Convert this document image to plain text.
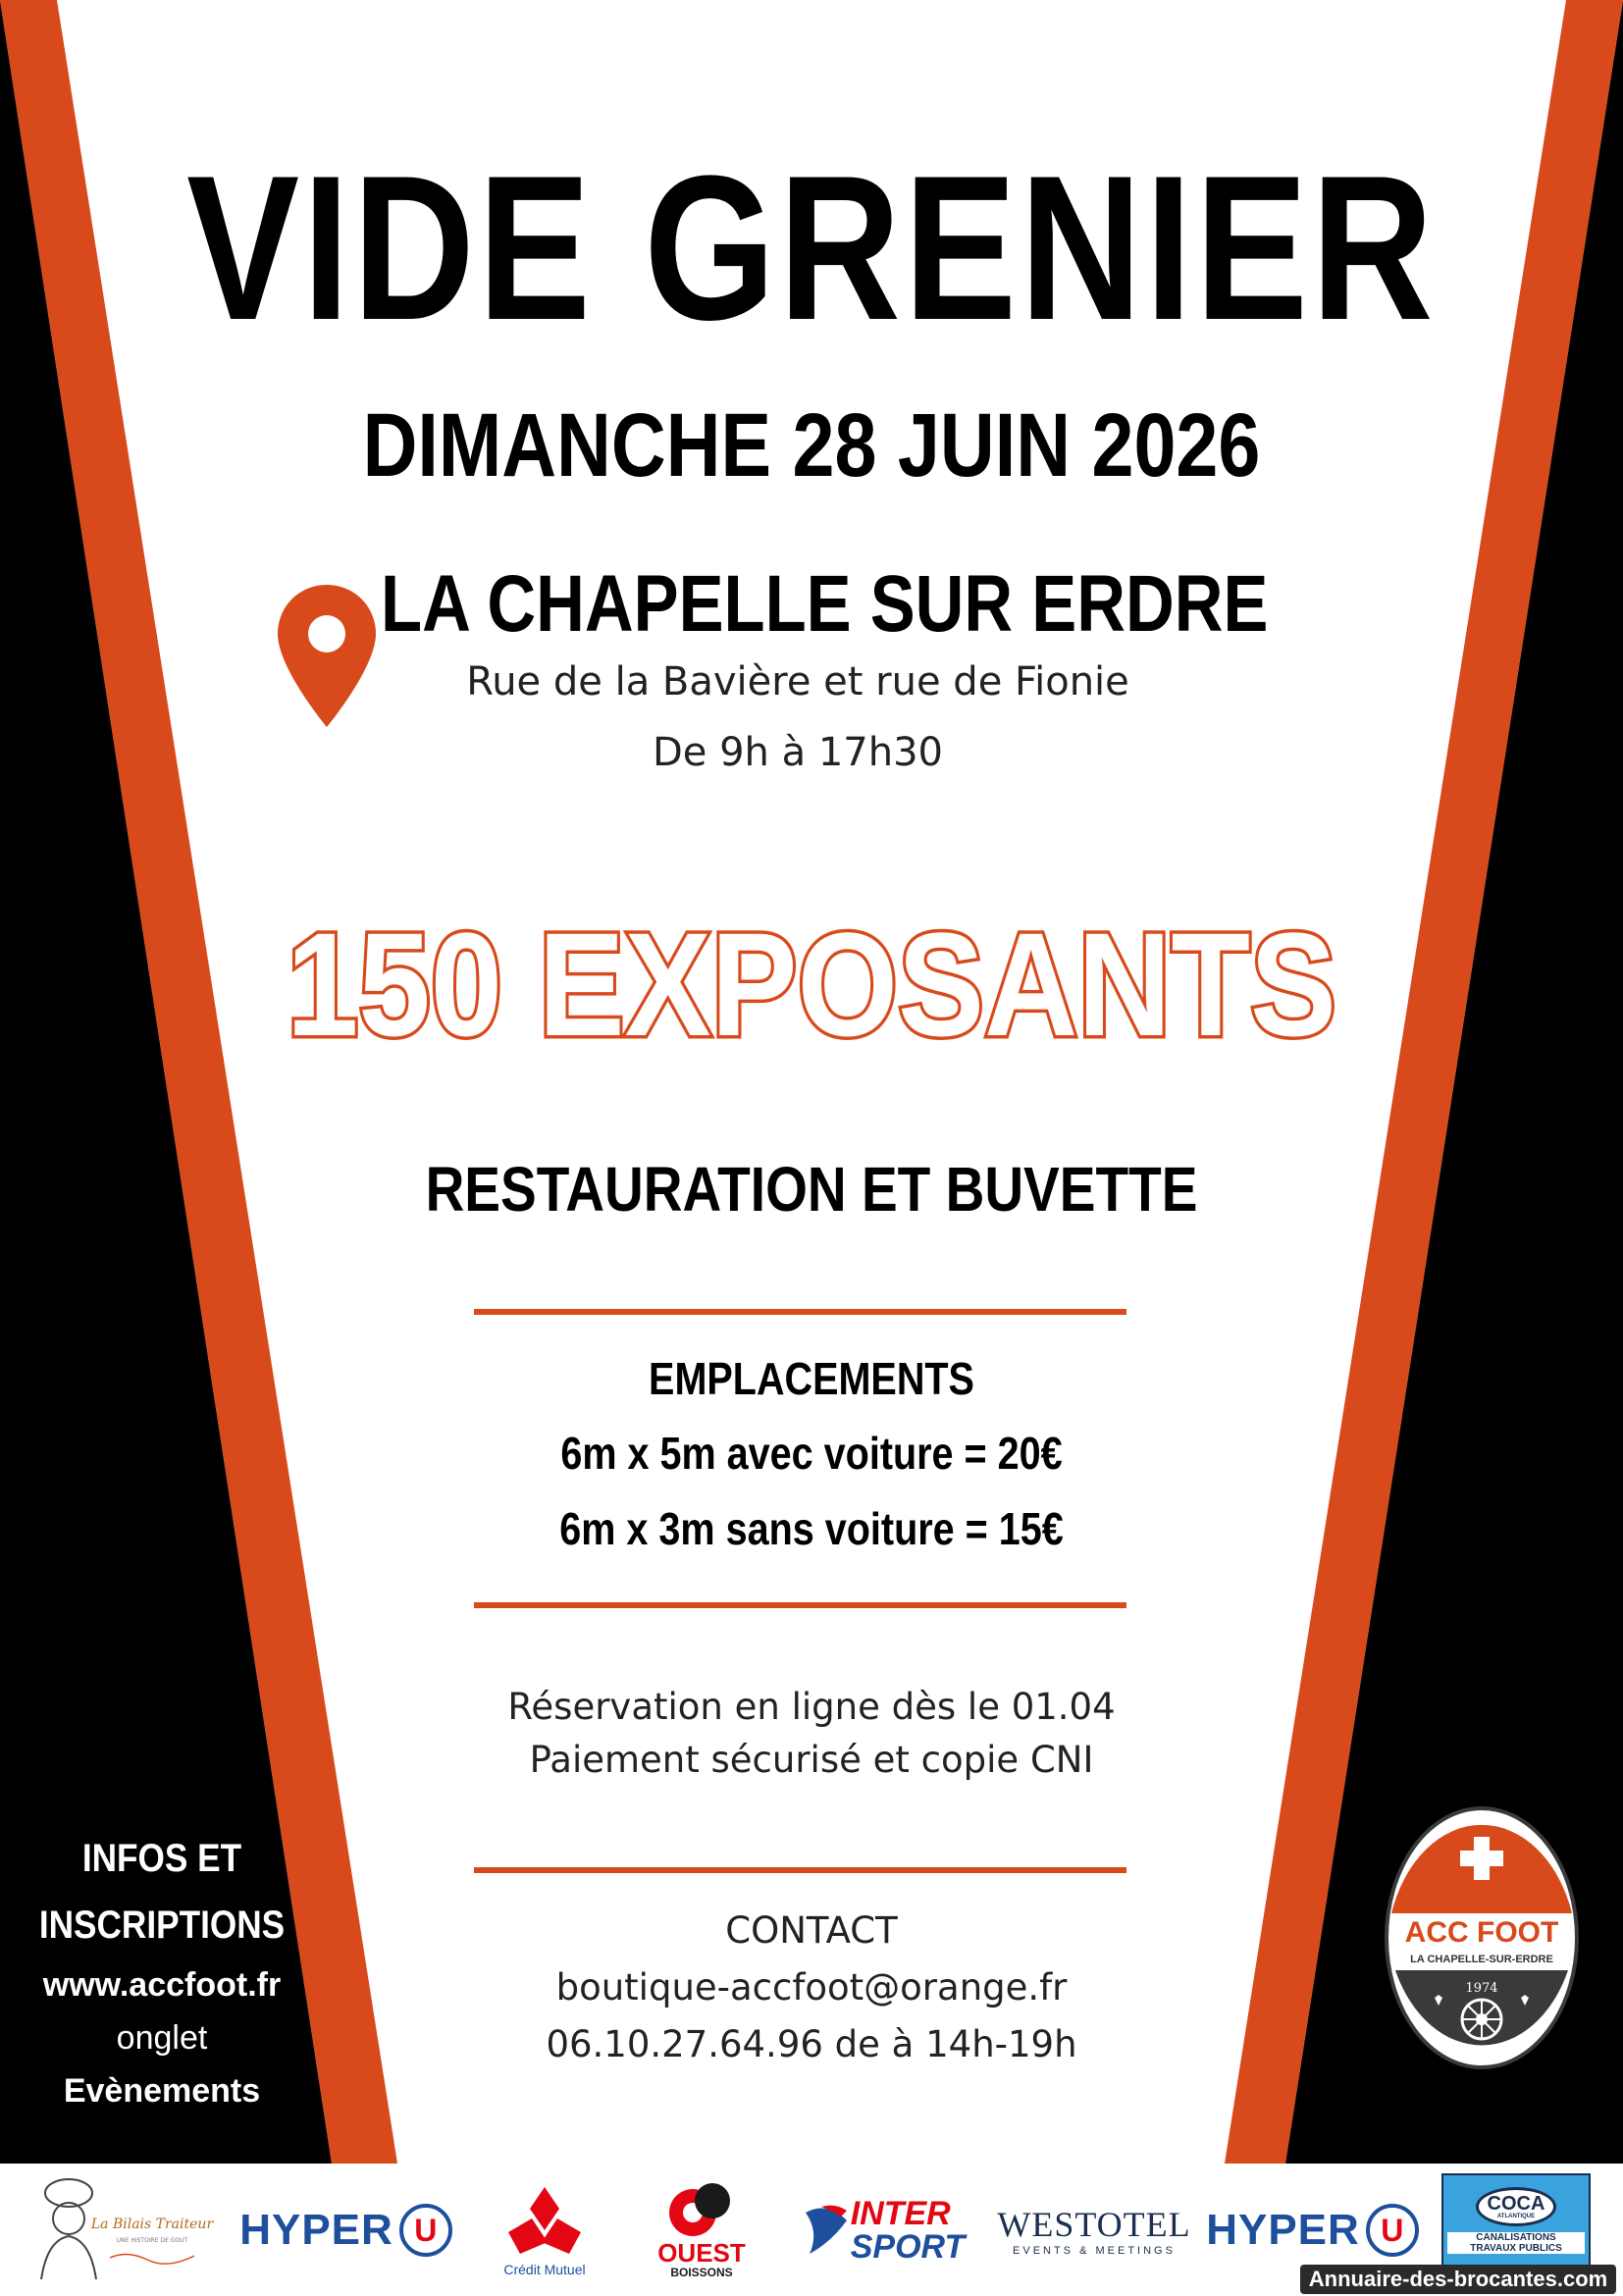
VIDE GRENIER
DIMANCHE 28 JUIN 2026
LA CHAPELLE SUR ERDRE
Rue de la Bavière et rue de Fionie
De 9h à 17h30
150 EXPOSANTS
RESTAURATION ET BUVETTE
EMPLACEMENTS
6m x 5m avec voiture = 20€
6m x 3m sans voiture = 15€
Réservation en ligne dès le 01.04
Paiement sécurisé et copie CNI
CONTACT
boutique-accfoot@orange.fr
06.10.27.64.96 de à 14h-19h
INFOS ET
INSCRIPTIONS
www.accfoot.fr
onglet
Evènements
ACC FOOT
LA CHAPELLE-SUR-ERDRE
1974
La Bilais Traiteur
UNE HISTOIRE DE GOUT HYPER U
Crédit Mutuel
OUEST
BOISSONS
INTER
SPORT
WESTOTEL
EVENTS & MEETINGS HYPER U
COCA
ATLANTIQUE
CANALISATIONS
TRAVAUX PUBLICS
Annuaire-des-brocantes.com
